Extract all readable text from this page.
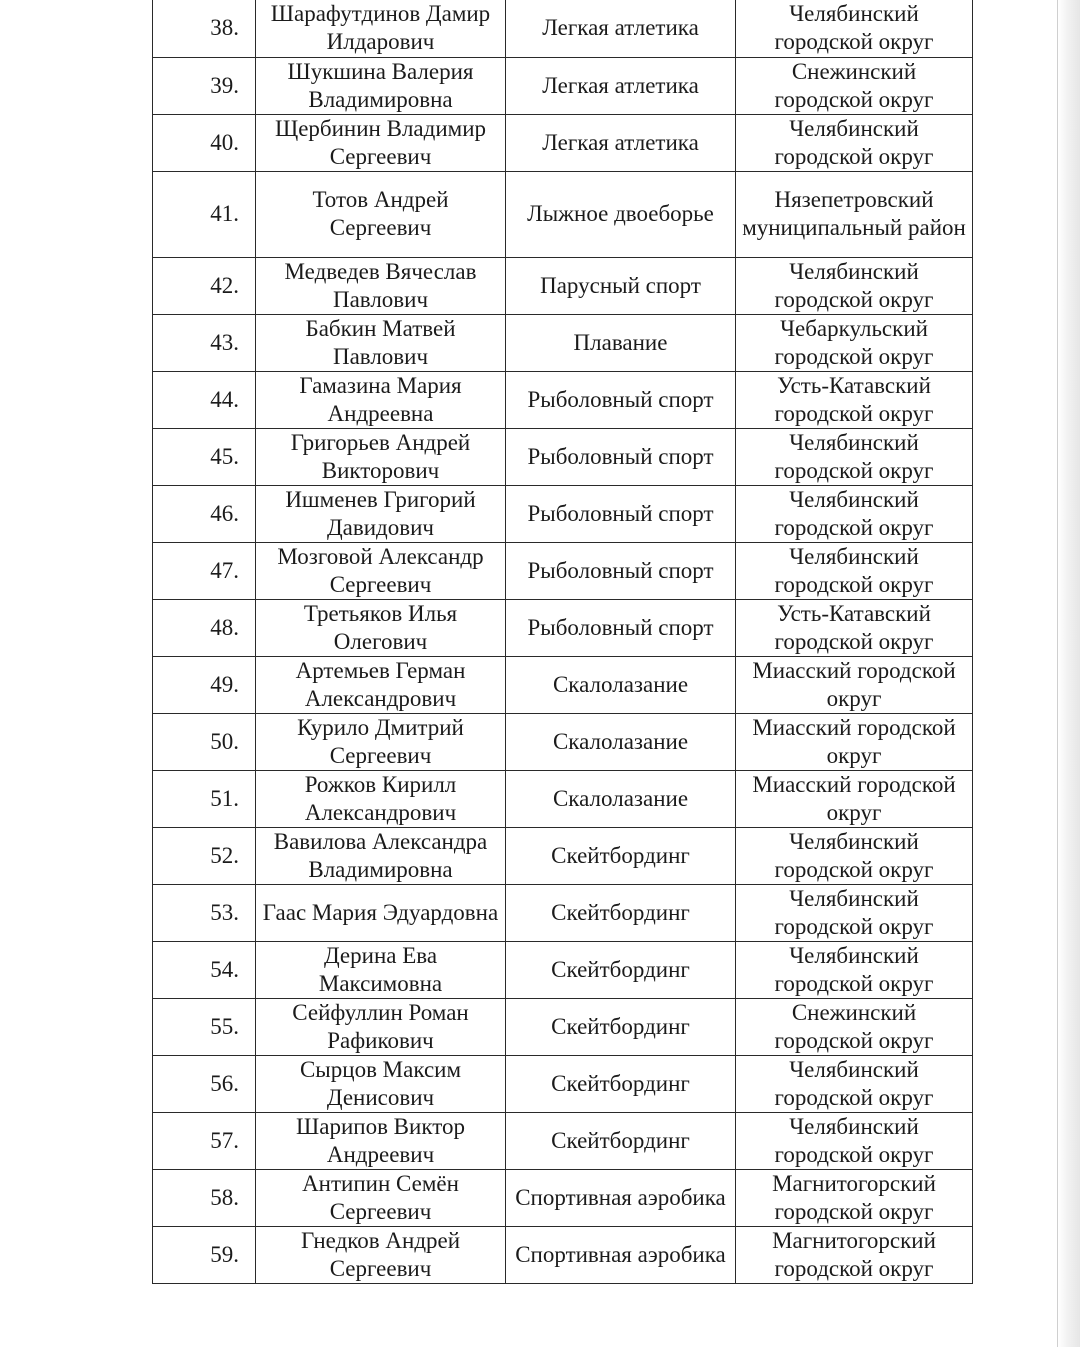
38.	Шарафутдинов Дамир Илдарович	Легкая атлетика	Челябинский городской округ
39.	Шукшина Валерия Владимировна	Легкая атлетика	Снежинский городской округ
40.	Щербинин Владимир Сергеевич	Легкая атлетика	Челябинский городской округ
41.	Тотов Андрей Сергеевич	Лыжное двоеборье	Нязепетровский муниципальный район
42.	Медведев Вячеслав Павлович	Парусный спорт	Челябинский городской округ
43.	Бабкин Матвей Павлович	Плавание	Чебаркульский городской округ
44.	Гамазина Мария Андреевна	Рыболовный спорт	Усть-Катавский городской округ
45.	Григорьев Андрей Викторович	Рыболовный спорт	Челябинский городской округ
46.	Ишменев Григорий Давидович	Рыболовный спорт	Челябинский городской округ
47.	Мозговой Александр Сергеевич	Рыболовный спорт	Челябинский городской округ
48.	Третьяков Илья Олегович	Рыболовный спорт	Усть-Катавский городской округ
49.	Артемьев Герман Александрович	Скалолазание	Миасский городской округ
50.	Курило Дмитрий Сергеевич	Скалолазание	Миасский городской округ
51.	Рожков Кирилл Александрович	Скалолазание	Миасский городской округ
52.	Вавилова Александра Владимировна	Скейтбординг	Челябинский городской округ
53.	Гаас Мария Эдуардовна	Скейтбординг	Челябинский городской округ
54.	Дерина Ева Максимовна	Скейтбординг	Челябинский городской округ
55.	Сейфуллин Роман Рафикович	Скейтбординг	Снежинский городской округ
56.	Сырцов Максим Денисович	Скейтбординг	Челябинский городской округ
57.	Шарипов Виктор Андреевич	Скейтбординг	Челябинский городской округ
58.	Антипин Семён Сергеевич	Спортивная аэробика	Магнитогорский городской округ
59.	Гнедков Андрей Сергеевич	Спортивная аэробика	Магнитогорский городской округ
